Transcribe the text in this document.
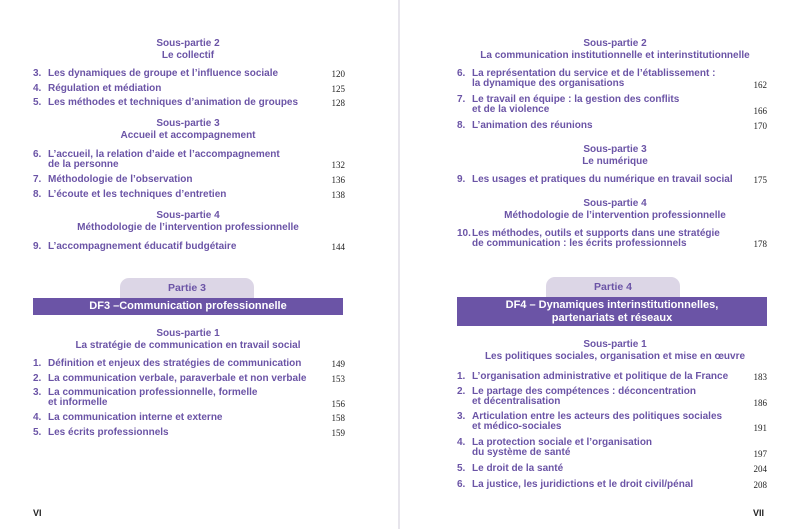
Sous-partie 2
Le collectif
3. Les dynamiques de groupe et l’influence sociale	120
4. Régulation et médiation	125
5. Les méthodes et techniques d’animation de groupes	128
Sous-partie 3
Accueil et accompagnement
6. L’accueil, la relation d’aide et l’accompagnement
de la personne	132
7. Méthodologie de l’observation	136
8. L’écoute et les techniques d’entretien	138
Sous-partie 4
Méthodologie de l’intervention professionnelle
9. L’accompagnement éducatif budgétaire	144
Partie 3
DF3 –Communication professionnelle
Sous-partie 1
La stratégie de communication en travail social
1. Définition et enjeux des stratégies de communication	149
2. La communication verbale, paraverbale et non verbale	153
3. La communication professionnelle, formelle
et informelle	156
4. La communication interne et externe	158
5. Les écrits professionnels	159
VI
Sous-partie 2
La communication institutionnelle et interinstitutionnelle
6. La représentation du service et de l’établissement :
la dynamique des organisations	162
7. Le travail en équipe : la gestion des conflits
et de la violence	166
8. L’animation des réunions	170
Sous-partie 3
Le numérique
9. Les usages et pratiques du numérique en travail social	175
Sous-partie 4
Méthodologie de l’intervention professionnelle
10. Les méthodes, outils et supports dans une stratégie
de communication : les écrits professionnels	178
Partie 4
DF4 – Dynamiques interinstitutionnelles,
partenariats et réseaux
Sous-partie 1
Les politiques sociales, organisation et mise en œuvre
1. L’organisation administrative et politique de la France	183
2. Le partage des compétences : déconcentration
et décentralisation	186
3. Articulation entre les acteurs des politiques sociales
et médico-sociales	191
4. La protection sociale et l’organisation
du système de santé	197
5. Le droit de la santé	204
6. La justice, les juridictions et le droit civil/pénal	208
VII
